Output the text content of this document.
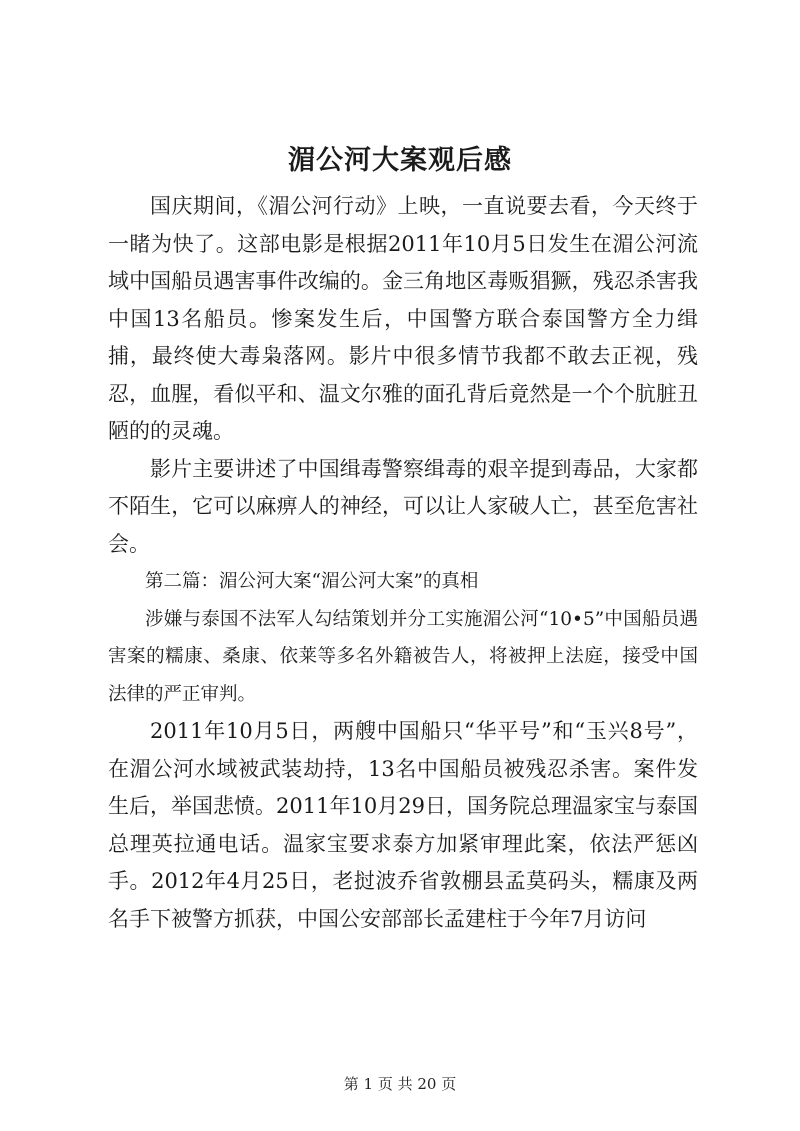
湄公河大案观后感

国庆期间，《湄公河行动》上映，一直说要去看，今天终于一睹为快了。这部电影是根据2011年10月5日发生在湄公河流域中国船员遇害事件改编的。金三角地区毒贩猖獗，残忍杀害我中国13名船员。惨案发生后，中国警方联合泰国警方全力缉捕，最终使大毒枭落网。影片中很多情节我都不敢去正视，残忍，血腥，看似平和、温文尔雅的面孔背后竟然是一个个肮脏丑陋的的灵魂。

影片主要讲述了中国缉毒警察缉毒的艰辛提到毒品，大家都不陌生，它可以麻痹人的神经，可以让人家破人亡，甚至危害社会。

第二篇：湄公河大案“湄公河大案”的真相

涉嫌与泰国不法军人勾结策划并分工实施湄公河“10•5”中国船员遇害案的糯康、桑康、依莱等多名外籍被告人，将被押上法庭，接受中国法律的严正审判。

2011年10月5日，两艘中国船只“华平号”和“玉兴8号”，在湄公河水域被武装劫持，13名中国船员被残忍杀害。案件发生后，举国悲愤。2011年10月29日，国务院总理温家宝与泰国总理英拉通电话。温家宝要求泰方加紧审理此案，依法严惩凶手。2012年4月25日，老挝波乔省敦棚县孟莫码头，糯康及两名手下被警方抓获，中国公安部部长孟建柱于今年7月访问

第 1 页 共 20 页
